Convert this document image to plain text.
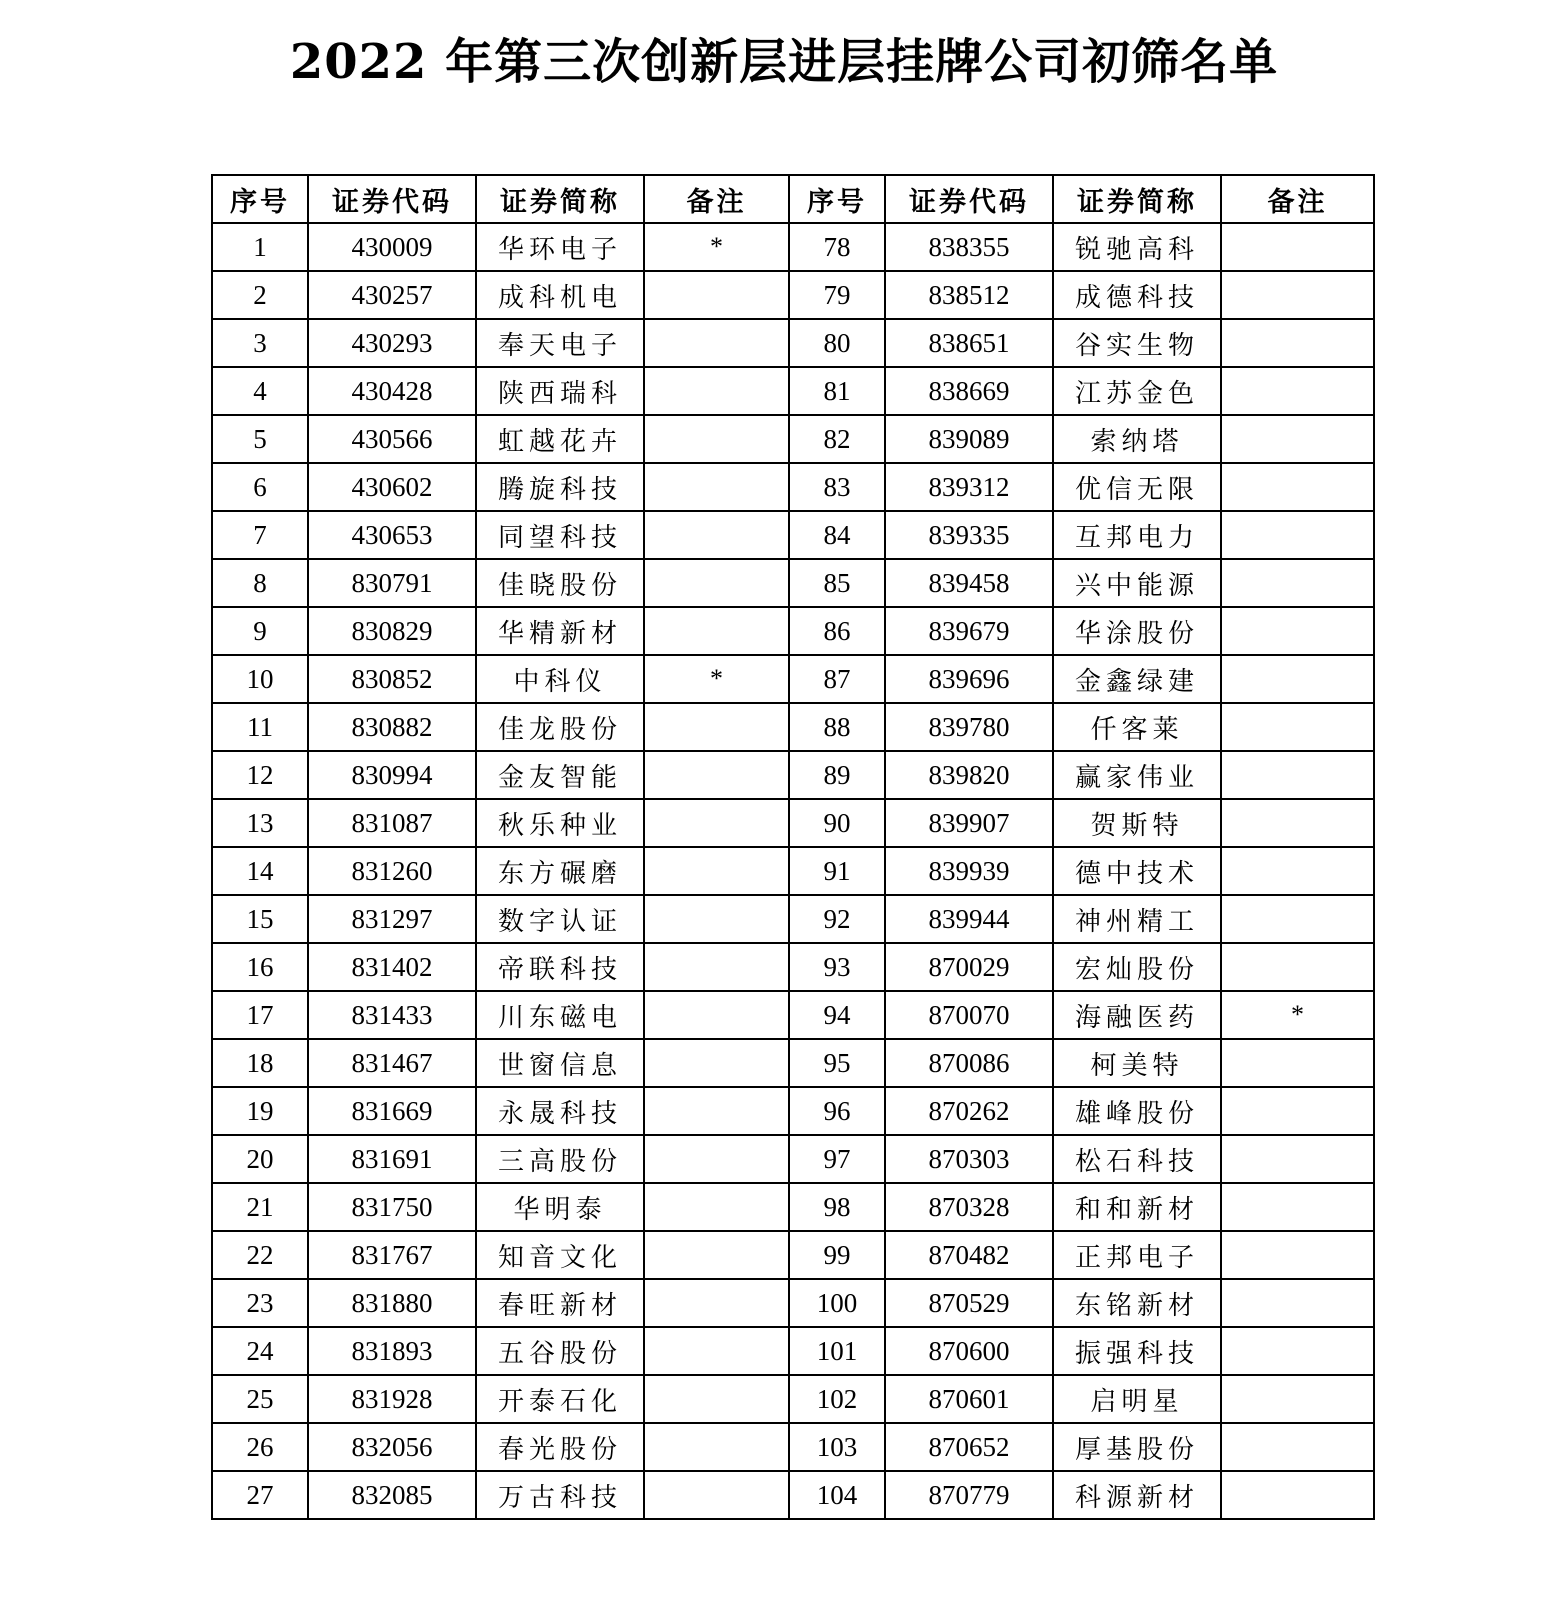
2022 年第三次创新层进层挂牌公司初筛名单
序号	证券代码	证券简称	备注	序号	证券代码	证券简称	备注
1	430009	华环电子	*	78	838355	锐驰高科	
2	430257	成科机电		79	838512	成德科技	
3	430293	奉天电子		80	838651	谷实生物	
4	430428	陕西瑞科		81	838669	江苏金色	
5	430566	虹越花卉		82	839089	索纳塔	
6	430602	腾旋科技		83	839312	优信无限	
7	430653	同望科技		84	839335	互邦电力	
8	830791	佳晓股份		85	839458	兴中能源	
9	830829	华精新材		86	839679	华涂股份	
10	830852	中科仪	*	87	839696	金鑫绿建	
11	830882	佳龙股份		88	839780	仟客莱	
12	830994	金友智能		89	839820	赢家伟业	
13	831087	秋乐种业		90	839907	贺斯特	
14	831260	东方碾磨		91	839939	德中技术	
15	831297	数字认证		92	839944	神州精工	
16	831402	帝联科技		93	870029	宏灿股份	
17	831433	川东磁电		94	870070	海融医药	*
18	831467	世窗信息		95	870086	柯美特	
19	831669	永晟科技		96	870262	雄峰股份	
20	831691	三高股份		97	870303	松石科技	
21	831750	华明泰		98	870328	和和新材	
22	831767	知音文化		99	870482	正邦电子	
23	831880	春旺新材		100	870529	东铭新材	
24	831893	五谷股份		101	870600	振强科技	
25	831928	开泰石化		102	870601	启明星	
26	832056	春光股份		103	870652	厚基股份	
27	832085	万古科技		104	870779	科源新材	
